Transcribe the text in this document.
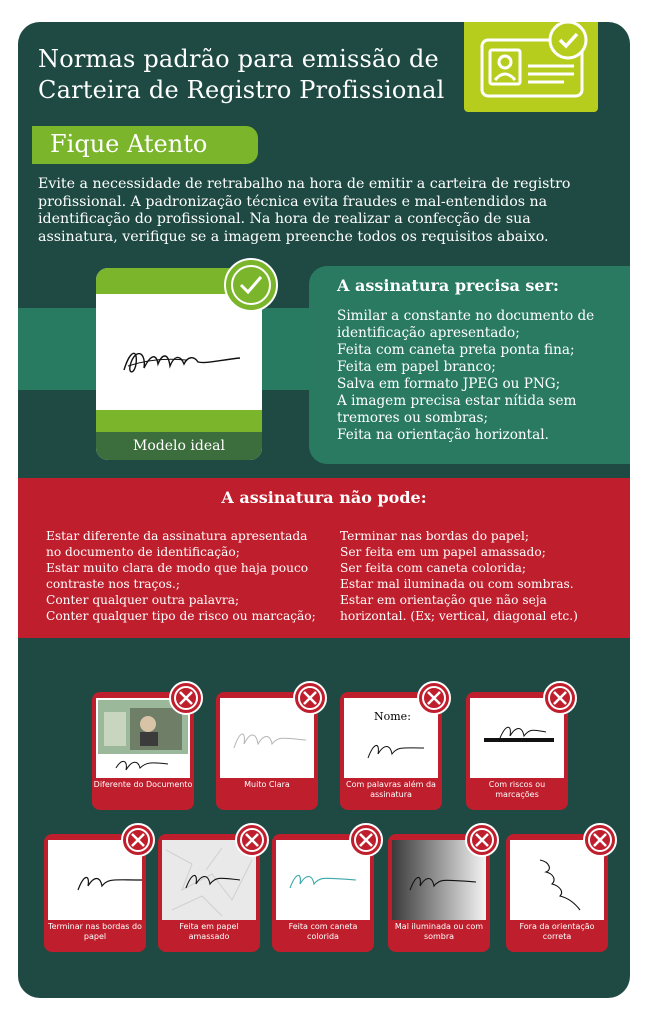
Normas padrão para emissão de
Carteira de Registro Profissional
Fique Atento
Evite a necessidade de retrabalho na hora de emitir a carteira de registro profissional. A padronização técnica evita fraudes e mal-entendidos na identificação do profissional. Na hora de realizar a confecção de sua assinatura, verifique se a imagem preenche todos os requisitos abaixo.
Modelo ideal
A assinatura precisa ser:
Similar a constante no documento de identificação apresentado;
Feita com caneta preta ponta fina;
Feita em papel branco;
Salva em formato JPEG ou PNG;
A imagem precisa estar nítida sem tremores ou sombras;
Feita na orientação horizontal.
A assinatura não pode:
Estar diferente da assinatura apresentada no documento de identificação;
Estar muito clara de modo que haja pouco contraste nos traços.;
Conter qualquer outra palavra;
Conter qualquer tipo de risco ou marcação;
Terminar nas bordas do papel;
Ser feita em um papel amassado;
Ser feita com caneta colorida;
Estar mal iluminada ou com sombras.
Estar em orientação que não seja horizontal. (Ex; vertical, diagonal etc.)
Diferente do Documento	Muito Clara
Nome:
Com palavras além da assinatura
Com riscos ou marcações
Terminar nas bordas do papel
Feita em papel amassado
Feita com caneta colorida
Mal iluminada ou com sombra
Fora da orientação correta
